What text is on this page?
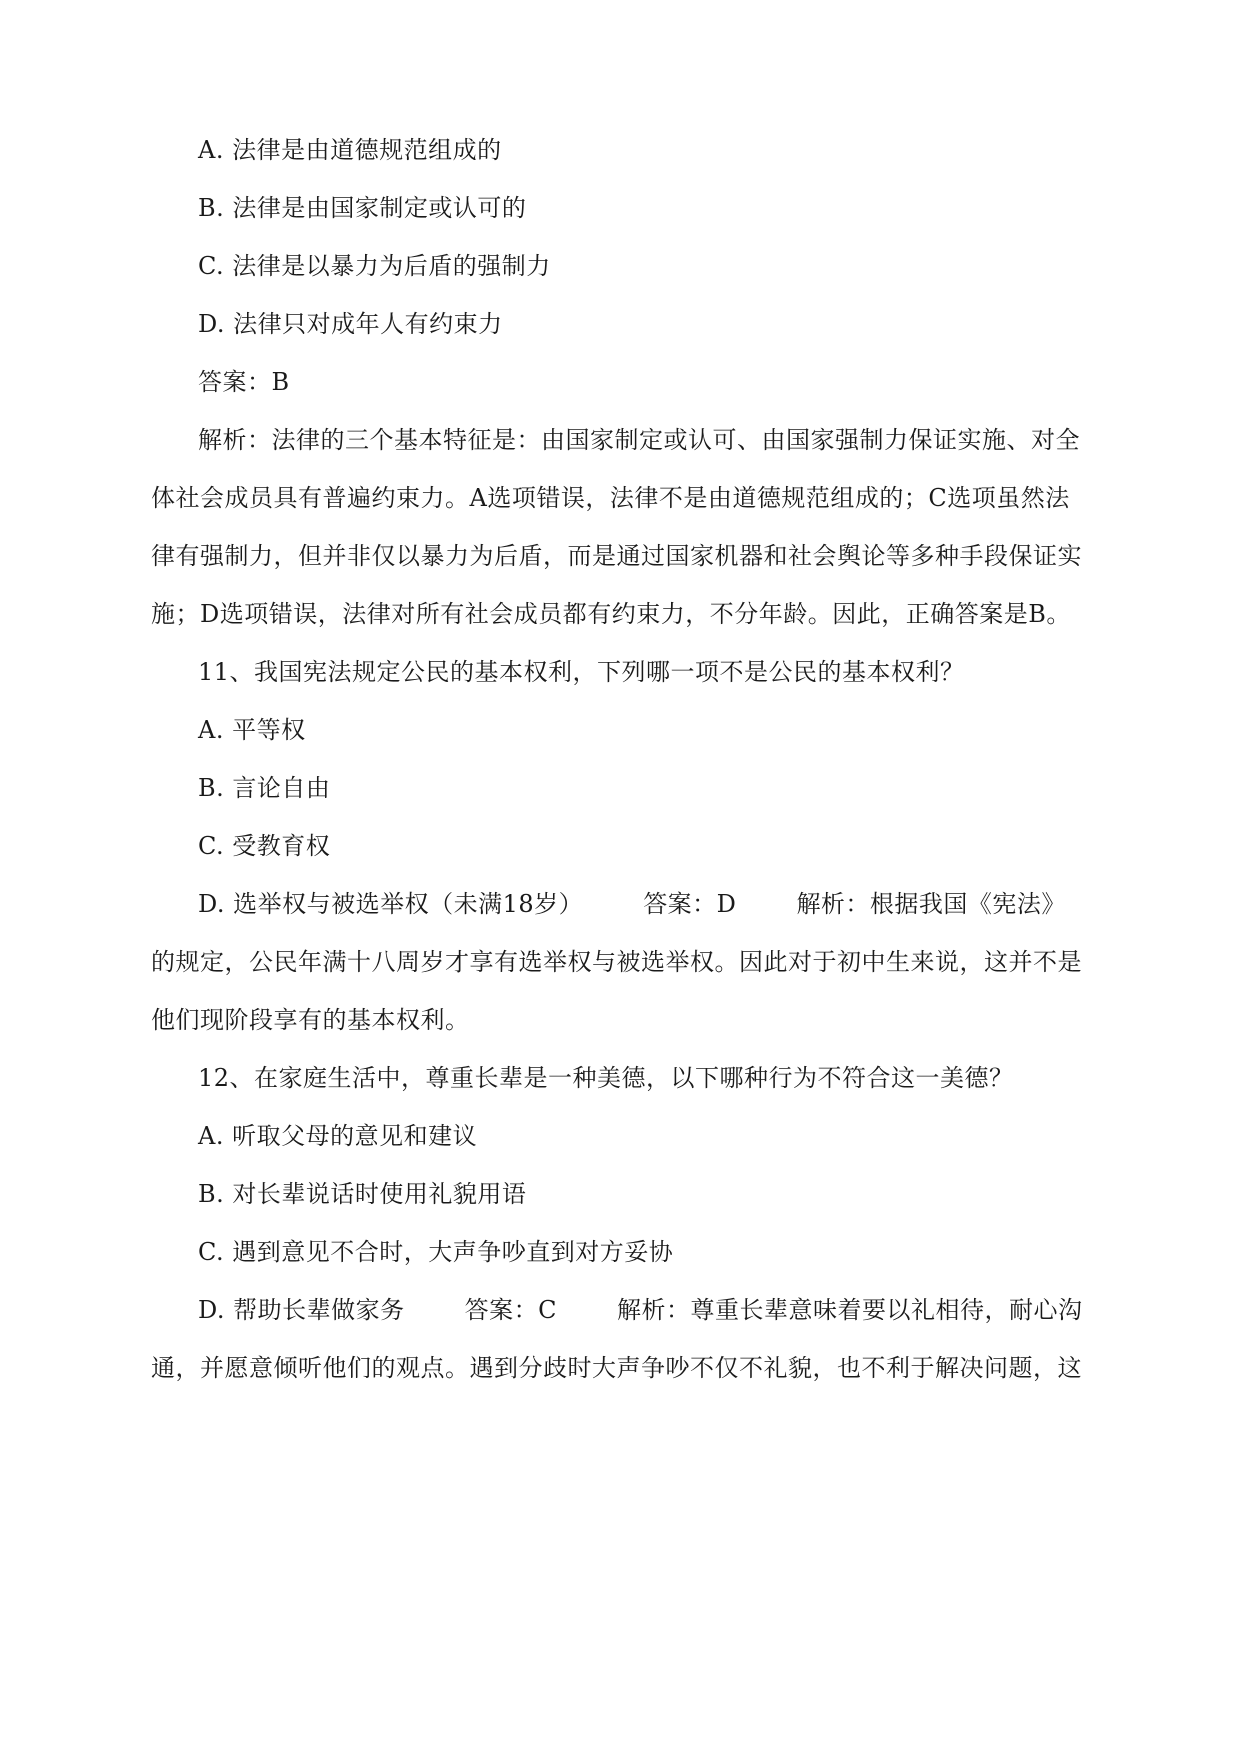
A. 法律是由道德规范组成的
B. 法律是由国家制定或认可的
C. 法律是以暴力为后盾的强制力
D. 法律只对成年人有约束力
答案：B
解析：法律的三个基本特征是：由国家制定或认可、由国家强制力保证实施、对全
体社会成员具有普遍约束力。A选项错误，法律不是由道德规范组成的；C选项虽然法
律有强制力，但并非仅以暴力为后盾，而是通过国家机器和社会舆论等多种手段保证实
施；D选项错误，法律对所有社会成员都有约束力，不分年龄。因此，正确答案是B。
11、我国宪法规定公民的基本权利，下列哪一项不是公民的基本权利？
A. 平等权
B. 言论自由
C. 受教育权
D. 选举权与被选举权（未满18岁）	答案：D	解析：根据我国《宪法》
的规定，公民年满十八周岁才享有选举权与被选举权。因此对于初中生来说，这并不是
他们现阶段享有的基本权利。
12、在家庭生活中，尊重长辈是一种美德，以下哪种行为不符合这一美德？
A. 听取父母的意见和建议
B. 对长辈说话时使用礼貌用语
C. 遇到意见不合时，大声争吵直到对方妥协
D. 帮助长辈做家务	答案：C	解析：尊重长辈意味着要以礼相待，耐心沟
通，并愿意倾听他们的观点。遇到分歧时大声争吵不仅不礼貌，也不利于解决问题，这
